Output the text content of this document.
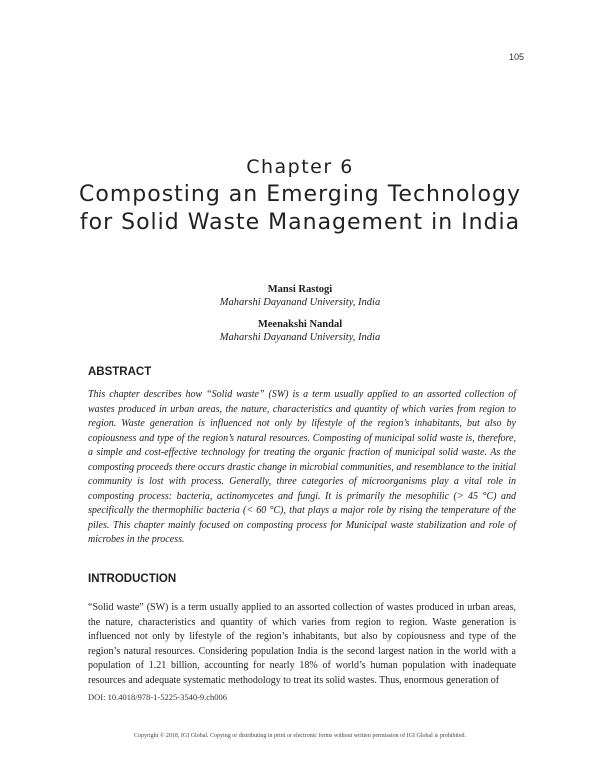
105
Chapter 6
Composting an Emerging Technology for Solid Waste Management in India
Mansi Rastogi
Maharshi Dayanand University, India
Meenakshi Nandal
Maharshi Dayanand University, India
ABSTRACT

This chapter describes how “Solid waste” (SW) is a term usually applied to an assorted collection of wastes produced in urban areas, the nature, characteristics and quantity of which varies from region to region. Waste generation is influenced not only by lifestyle of the region’s inhabitants, but also by copiousness and type of the region’s natural resources. Composting of municipal solid waste is, therefore, a simple and cost-effective technology for treating the organic fraction of municipal solid waste. As the composting proceeds there occurs drastic change in microbial communities, and resemblance to the initial community is lost with process. Generally, three categories of microorganisms play a vital role in composting process: bacteria, actinomycetes and fungi. It is primarily the mesophilic (> 45 °C) and specifically the thermophilic bacteria (< 60 °C), that plays a major role by rising the temperature of the piles. This chapter mainly focused on composting process for Municipal waste stabilization and role of microbes in the process.

INTRODUCTION

“Solid waste” (SW) is a term usually applied to an assorted collection of wastes produced in urban areas, the nature, characteristics and quantity of which varies from region to region. Waste generation is influenced not only by lifestyle of the region’s inhabitants, but also by copiousness and type of the region’s natural resources. Considering population India is the second largest nation in the world with a population of 1.21 billion, accounting for nearly 18% of world’s human population with inadequate resources and adequate systematic methodology to treat its solid wastes. Thus, enormous generation of

DOI: 10.4018/978-1-5225-3540-9.ch006
Copyright © 2018, IGI Global. Copying or distributing in print or electronic forms without written permission of IGI Global is prohibited.
